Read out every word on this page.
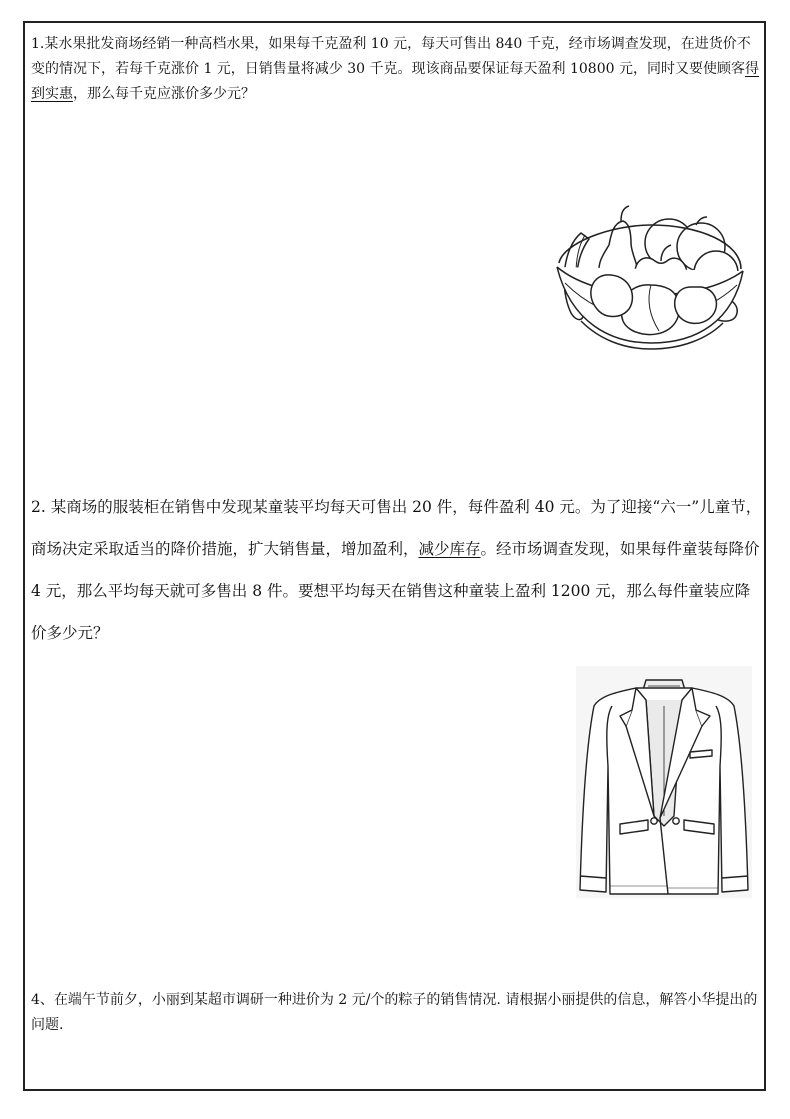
1.某水果批发商场经销一种高档水果，如果每千克盈利 10 元，每天可售出 840 千克，经市场调查发现，在进货价不变的情况下，若每千克涨价 1 元，日销售量将减少 30 千克。现该商品要保证每天盈利 10800 元，同时又要使顾客得到实惠，那么每千克应涨价多少元？
2. 某商场的服装柜在销售中发现某童装平均每天可售出 20 件，每件盈利 40 元。为了迎接“六一”儿童节，商场决定采取适当的降价措施，扩大销售量，增加盈利，减少库存。经市场调查发现，如果每件童装每降价 4 元，那么平均每天就可多售出 8 件。要想平均每天在销售这种童装上盈利 1200 元，那么每件童装应降价多少元？
4、在端午节前夕，小丽到某超市调研一种进价为 2 元/个的粽子的销售情况. 请根据小丽提供的信息，解答小华提出的问题.
